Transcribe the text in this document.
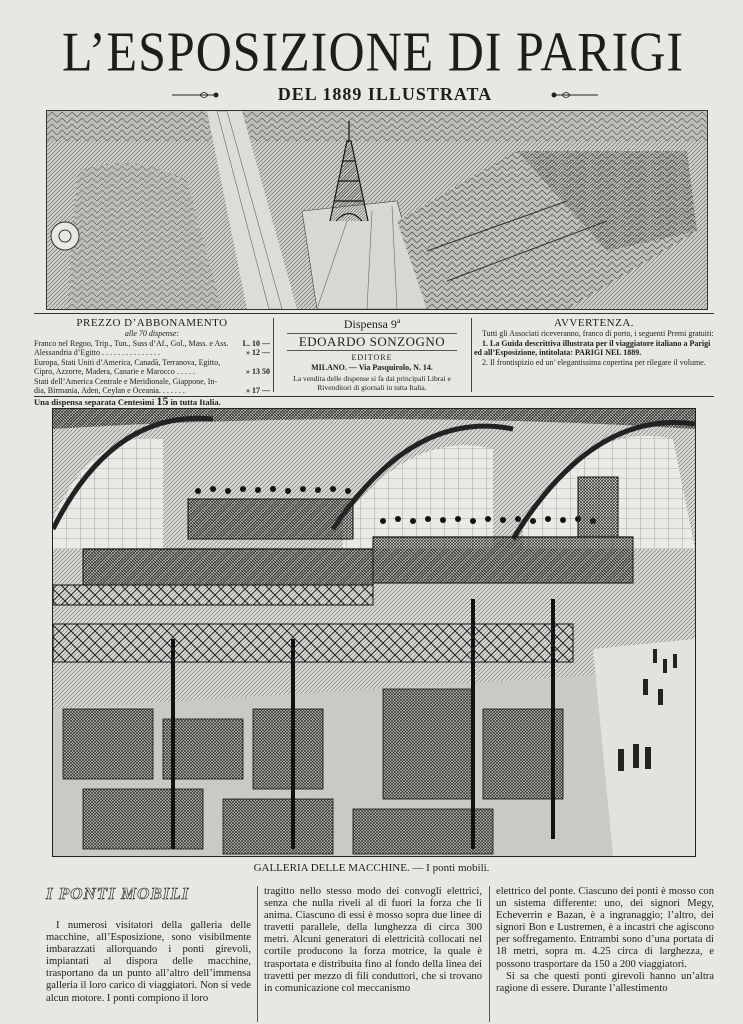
L’ESPOSIZIONE DI PARIGI
DEL 1889 ILLUSTRATA
PREZZO D’ABBONAMENTO
alle 70 dispense:
Franco nel Regno, Trip., Tun., Suss d’Af., Gol., Mass. e Ass.	L. 10 —
Alessandria d’Egitto . . . . . . . . . . . . . . .	» 12 —
Europa, Stati Uniti d’America, Canadà, Terranova, Egitto,
Cipro, Azzorre, Madera, Canarie e Marocco . . . . .	» 13 50
Stati dell’America Centrale e Meridionale, Giappone, In-
dia, Birmania, Aden, Ceylan e Oceania. . . . . . .	» 17 —
Una dispensa separata Centesimi 15 in tutta Italia.
Dispensa 9ª
EDOARDO SONZOGNO
EDITORE
MILANO. — Via Pasquirolo, N. 14.
La vendita delle dispense si fa dai principali Librai e Rivenditori di giornali in tutta Italia.
AVVERTENZA.

Tutti gli Associati riceveranno, franco di porto, i seguenti Premi gratuiti:

1. La Guida descrittiva illustrata per il viaggiatore italiano a Parigi ed all’Esposizione, intitolata: PARIGI NEL 1889.

2. Il frontispizio ed un’ elegantissima copertina per rilegare il volume.

GALLERIA DELLE MACCHINE. — I ponti mobili.
I PONTI MOBILI

I numerosi visitatori della galleria delle macchine, all’Esposizione, sono visibilmente imbarazzati allorquando i ponti girevoli, impiantati al dispora delle macchine, trasportano da un punto all’altro dell’immensa galleria il loro carico di viaggiatori. Non si vede alcun motore. I ponti compiono il loro

tragitto nello stesso modo dei convogli elettrici, senza che nulla riveli al di fuori la forza che li anima. Ciascuno di essi è mosso sopra due linee di travetti parallele, della lunghezza di circa 300 metri. Alcuni generatori di elettricità collocati nel cortile producono la forza motrice, la quale è trasportata e distribuita fino al fondo della linea dei travetti per mezzo di fili conduttori, che si trovano in comunicazione col meccanismo

elettrico del ponte. Ciascuno dei ponti è mosso con un sistema differente: uno, dei signori Megy, Echeverrin e Bazan, è a ingranaggio; l’altro, dei signori Bon e Lustremen, è a incastri che agiscono per soffregamento. Entrambi sono d’una portata di 18 metri, sopra m. 4.25 circa di larghezza, e possono trasportare da 150 a 200 viaggiatori.

Si sa che questi ponti girevoli hanno un’altra ragione di essere. Durante l’allestimento
